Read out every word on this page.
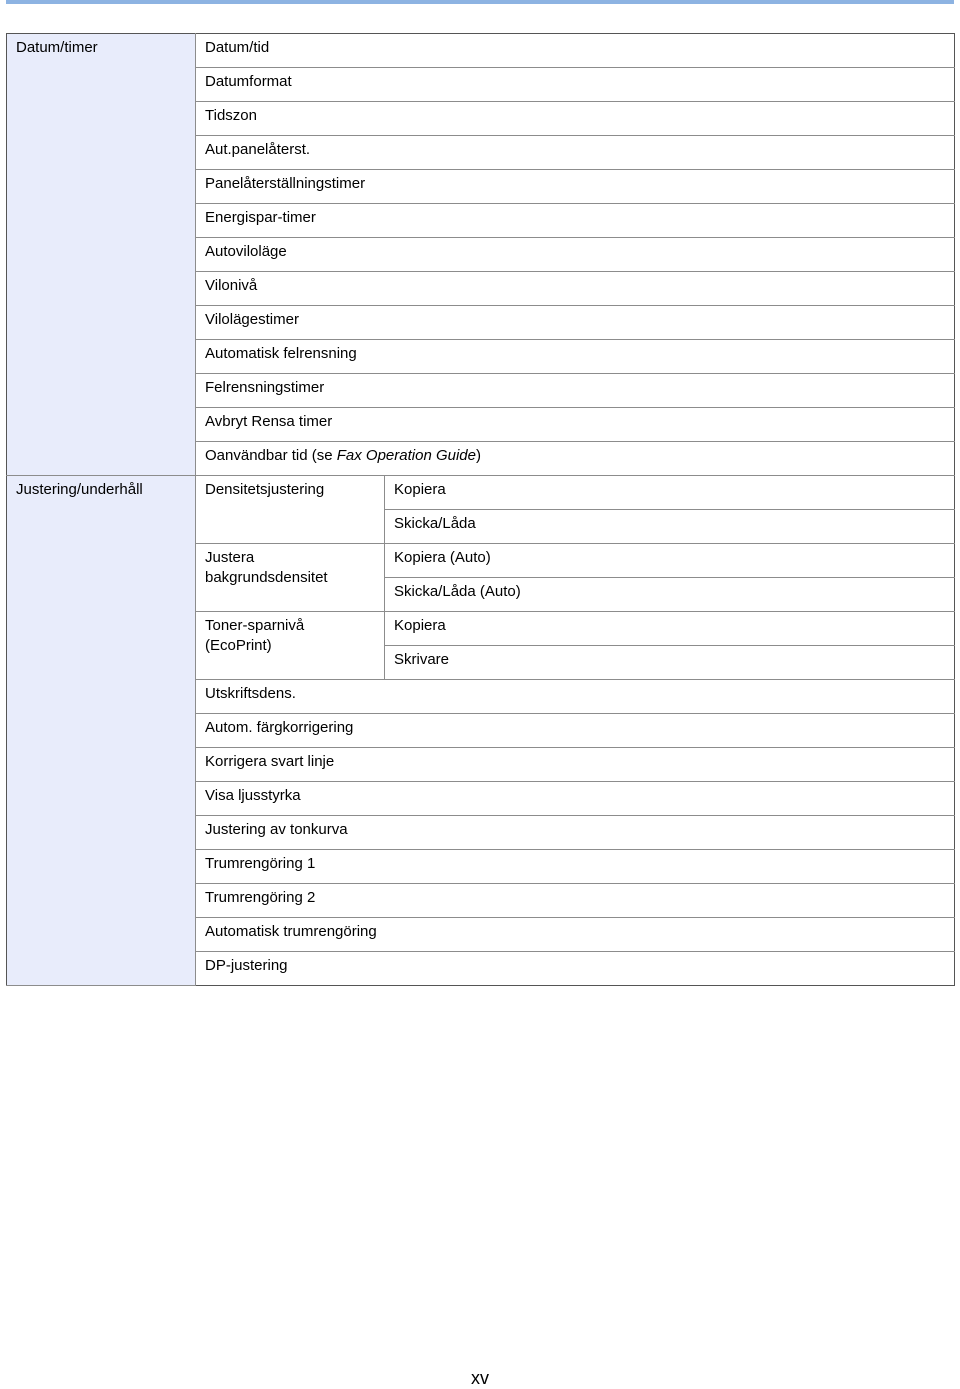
Datum/timer	Datum/tid	
	Datumformat	
	Tidszon	
	Aut.panelåterst.	
	Panelåterställningstimer	
	Energispar-timer	
	Autoviloläge	
	Vilonivå	
	Vilolägestimer	
	Automatisk felrensning	
	Felrensningstimer	
	Avbryt Rensa timer	
	Oanvändbar tid (se Fax Operation Guide)	
Justering/underhåll	Densitetsjustering	Kopiera
		Skicka/Låda
	Justera bakgrundsdensitet	Kopiera (Auto)
		Skicka/Låda (Auto)
	Toner-sparnivå (EcoPrint)	Kopiera
		Skrivare
	Utskriftsdens.	
	Autom. färgkorrigering	
	Korrigera svart linje	
	Visa ljusstyrka	
	Justering av tonkurva	
	Trumrengöring 1	
	Trumrengöring 2	
	Automatisk trumrengöring	
	DP-justering	
xv
